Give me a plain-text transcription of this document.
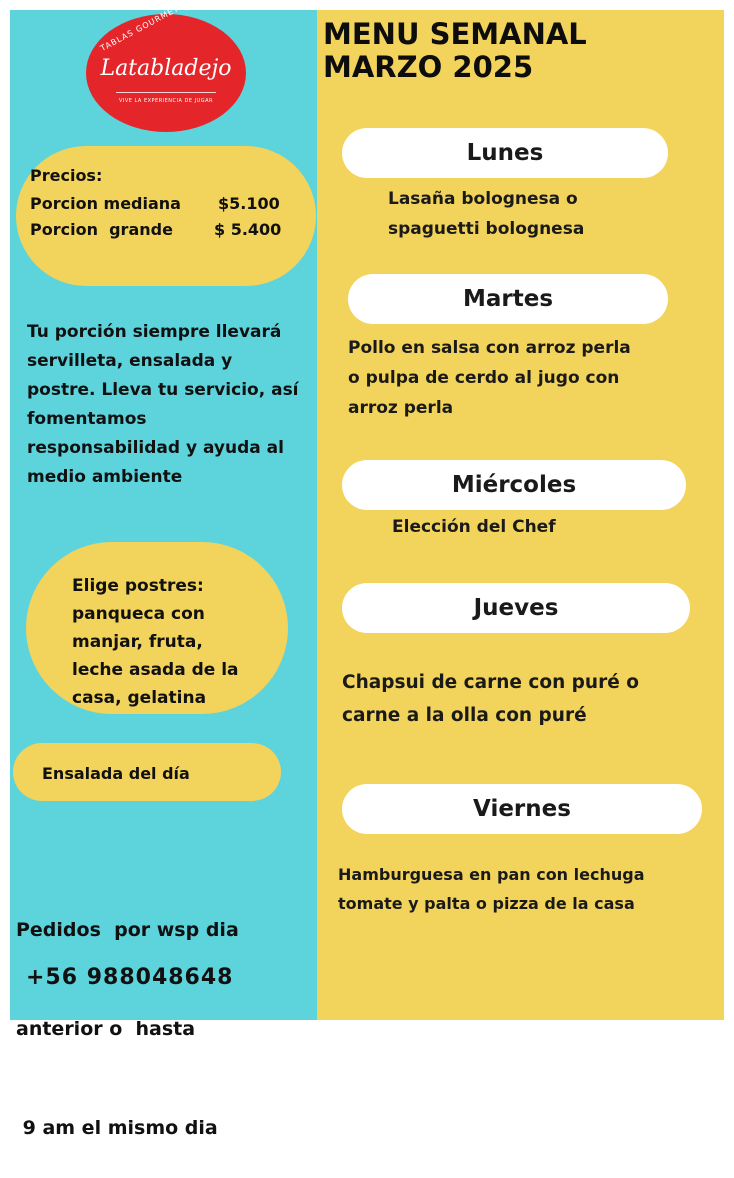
TABLAS GOURMET
Latabladejo
VIVE LA EXPERIENCIA DE JUGAR
Precios:
Porcion mediana $5.100
Porcion  grande	$ 5.400
Tu porción siempre llevará servilleta, ensalada y postre. Lleva tu servicio, así fomentamos responsabilidad y ayuda al medio ambiente
Elige postres:
panqueca con
manjar, fruta,
leche asada de la
casa, gelatina
Ensalada del día

Pedidos  por wsp dia

anterior o  hasta

9 am el mismo dia

+56 988048648
MENU SEMANAL
MARZO 2025
Lunes
Lasaña bolognesa o
spaguetti bolognesa
Martes
Pollo en salsa con arroz perla
o pulpa de cerdo al jugo con
arroz perla
Miércoles
Elección del Chef
Jueves
Chapsui de carne con puré o
carne a la olla con puré
Viernes
Hamburguesa en pan con lechuga
tomate y palta o pizza de la casa
